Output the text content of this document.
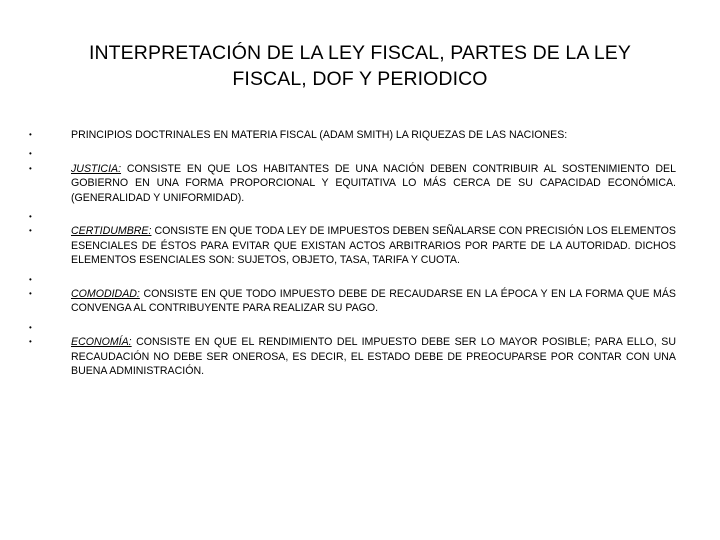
INTERPRETACIÓN DE LA LEY FISCAL, PARTES DE LA LEY
FISCAL, DOF Y PERIODICO
•	PRINCIPIOS DOCTRINALES EN MATERIA FISCAL (ADAM SMITH) LA RIQUEZAS DE LAS NACIONES:
•
•	JUSTICIA: CONSISTE EN QUE LOS HABITANTES DE UNA NACIÓN DEBEN CONTRIBUIR AL SOSTENIMIENTO DEL GOBIERNO EN UNA FORMA PROPORCIONAL Y EQUITATIVA LO MÁS CERCA DE SU CAPACIDAD ECONÓMICA. (GENERALIDAD Y UNIFORMIDAD).
•
•	CERTIDUMBRE: CONSISTE EN QUE TODA LEY DE IMPUESTOS DEBEN SEÑALARSE CON PRECISIÓN LOS ELEMENTOS ESENCIALES DE ÉSTOS PARA EVITAR QUE EXISTAN ACTOS ARBITRARIOS POR PARTE DE LA AUTORIDAD. DICHOS ELEMENTOS ESENCIALES SON: SUJETOS, OBJETO, TASA, TARIFA Y CUOTA.
•
•	COMODIDAD: CONSISTE EN QUE TODO IMPUESTO DEBE DE RECAUDARSE EN LA ÉPOCA Y EN LA FORMA QUE MÁS CONVENGA AL CONTRIBUYENTE PARA REALIZAR SU PAGO.
•
•	ECONOMÍA: CONSISTE EN QUE EL RENDIMIENTO DEL IMPUESTO DEBE SER LO MAYOR POSIBLE; PARA ELLO, SU RECAUDACIÓN NO DEBE SER ONEROSA, ES DECIR, EL ESTADO DEBE DE PREOCUPARSE POR CONTAR CON UNA BUENA ADMINISTRACIÓN.
